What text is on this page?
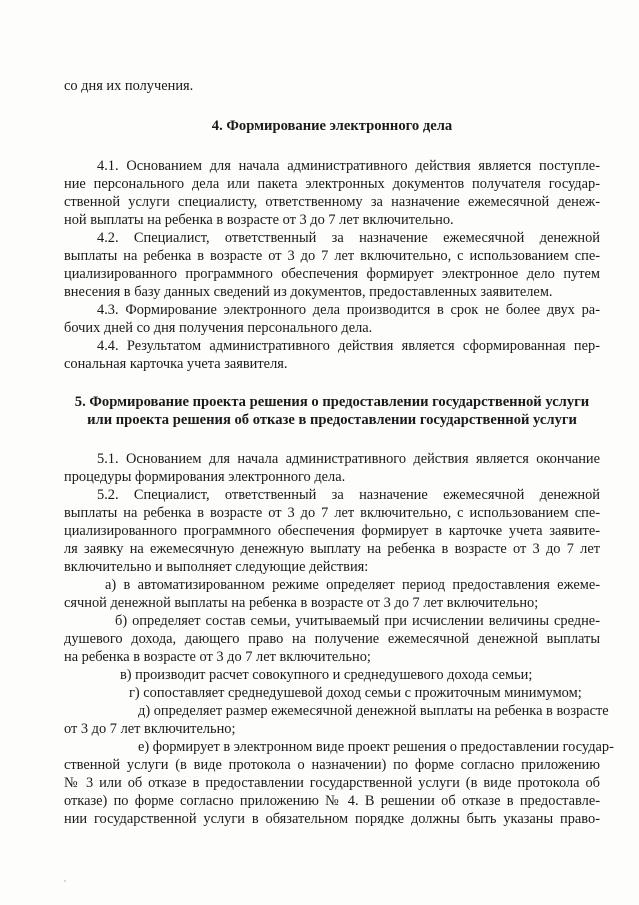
со дня их получения.
4. Формирование электронного дела
4.1. Основанием для начала административного действия является поступле-
ние персонального дела или пакета электронных документов получателя государ-
ственной услуги специалисту, ответственному за назначение ежемесячной денеж-
ной выплаты на ребенка в возрасте от 3 до 7 лет включительно.
4.2. Специалист, ответственный за назначение ежемесячной денежной
выплаты на ребенка в возрасте от 3 до 7 лет включительно, с использованием спе-
циализированного программного обеспечения формирует электронное дело путем
внесения в базу данных сведений из документов, предоставленных заявителем.
4.3. Формирование электронного дела производится в срок не более двух ра-
бочих дней со дня получения персонального дела.
4.4. Результатом административного действия является сформированная пер-
сональная карточка учета заявителя.
5. Формирование проекта решения о предоставлении государственной услуги
или проекта решения об отказе в предоставлении государственной услуги
5.1. Основанием для начала административного действия является окончание
процедуры формирования электронного дела.
5.2. Специалист, ответственный за назначение ежемесячной денежной
выплаты на ребенка в возрасте от 3 до 7 лет включительно, с использованием спе-
циализированного программного обеспечения формирует в карточке учета заявите-
ля заявку на ежемесячную денежную выплату на ребенка в возрасте от 3 до 7 лет
включительно и выполняет следующие действия:
а) в автоматизированном режиме определяет период предоставления ежеме-
сячной денежной выплаты на ребенка в возрасте от 3 до 7 лет включительно;
б) определяет состав семьи, учитываемый при исчислении величины средне-
душевого дохода, дающего право на получение ежемесячной денежной выплаты
на ребенка в возрасте от 3 до 7 лет включительно;
в) производит расчет совокупного и среднедушевого дохода семьи;
г) сопоставляет среднедушевой доход семьи с прожиточным минимумом;
д) определяет размер ежемесячной денежной выплаты на ребенка в возрасте
от 3 до 7 лет включительно;
е) формирует в электронном виде проект решения о предоставлении государ-
ственной услуги (в виде протокола о назначении) по форме согласно приложению
№ 3 или об отказе в предоставлении государственной услуги (в виде протокола об
отказе) по форме согласно приложению № 4. В решении об отказе в предоставле-
нии государственной услуги в обязательном порядке должны быть указаны право-
